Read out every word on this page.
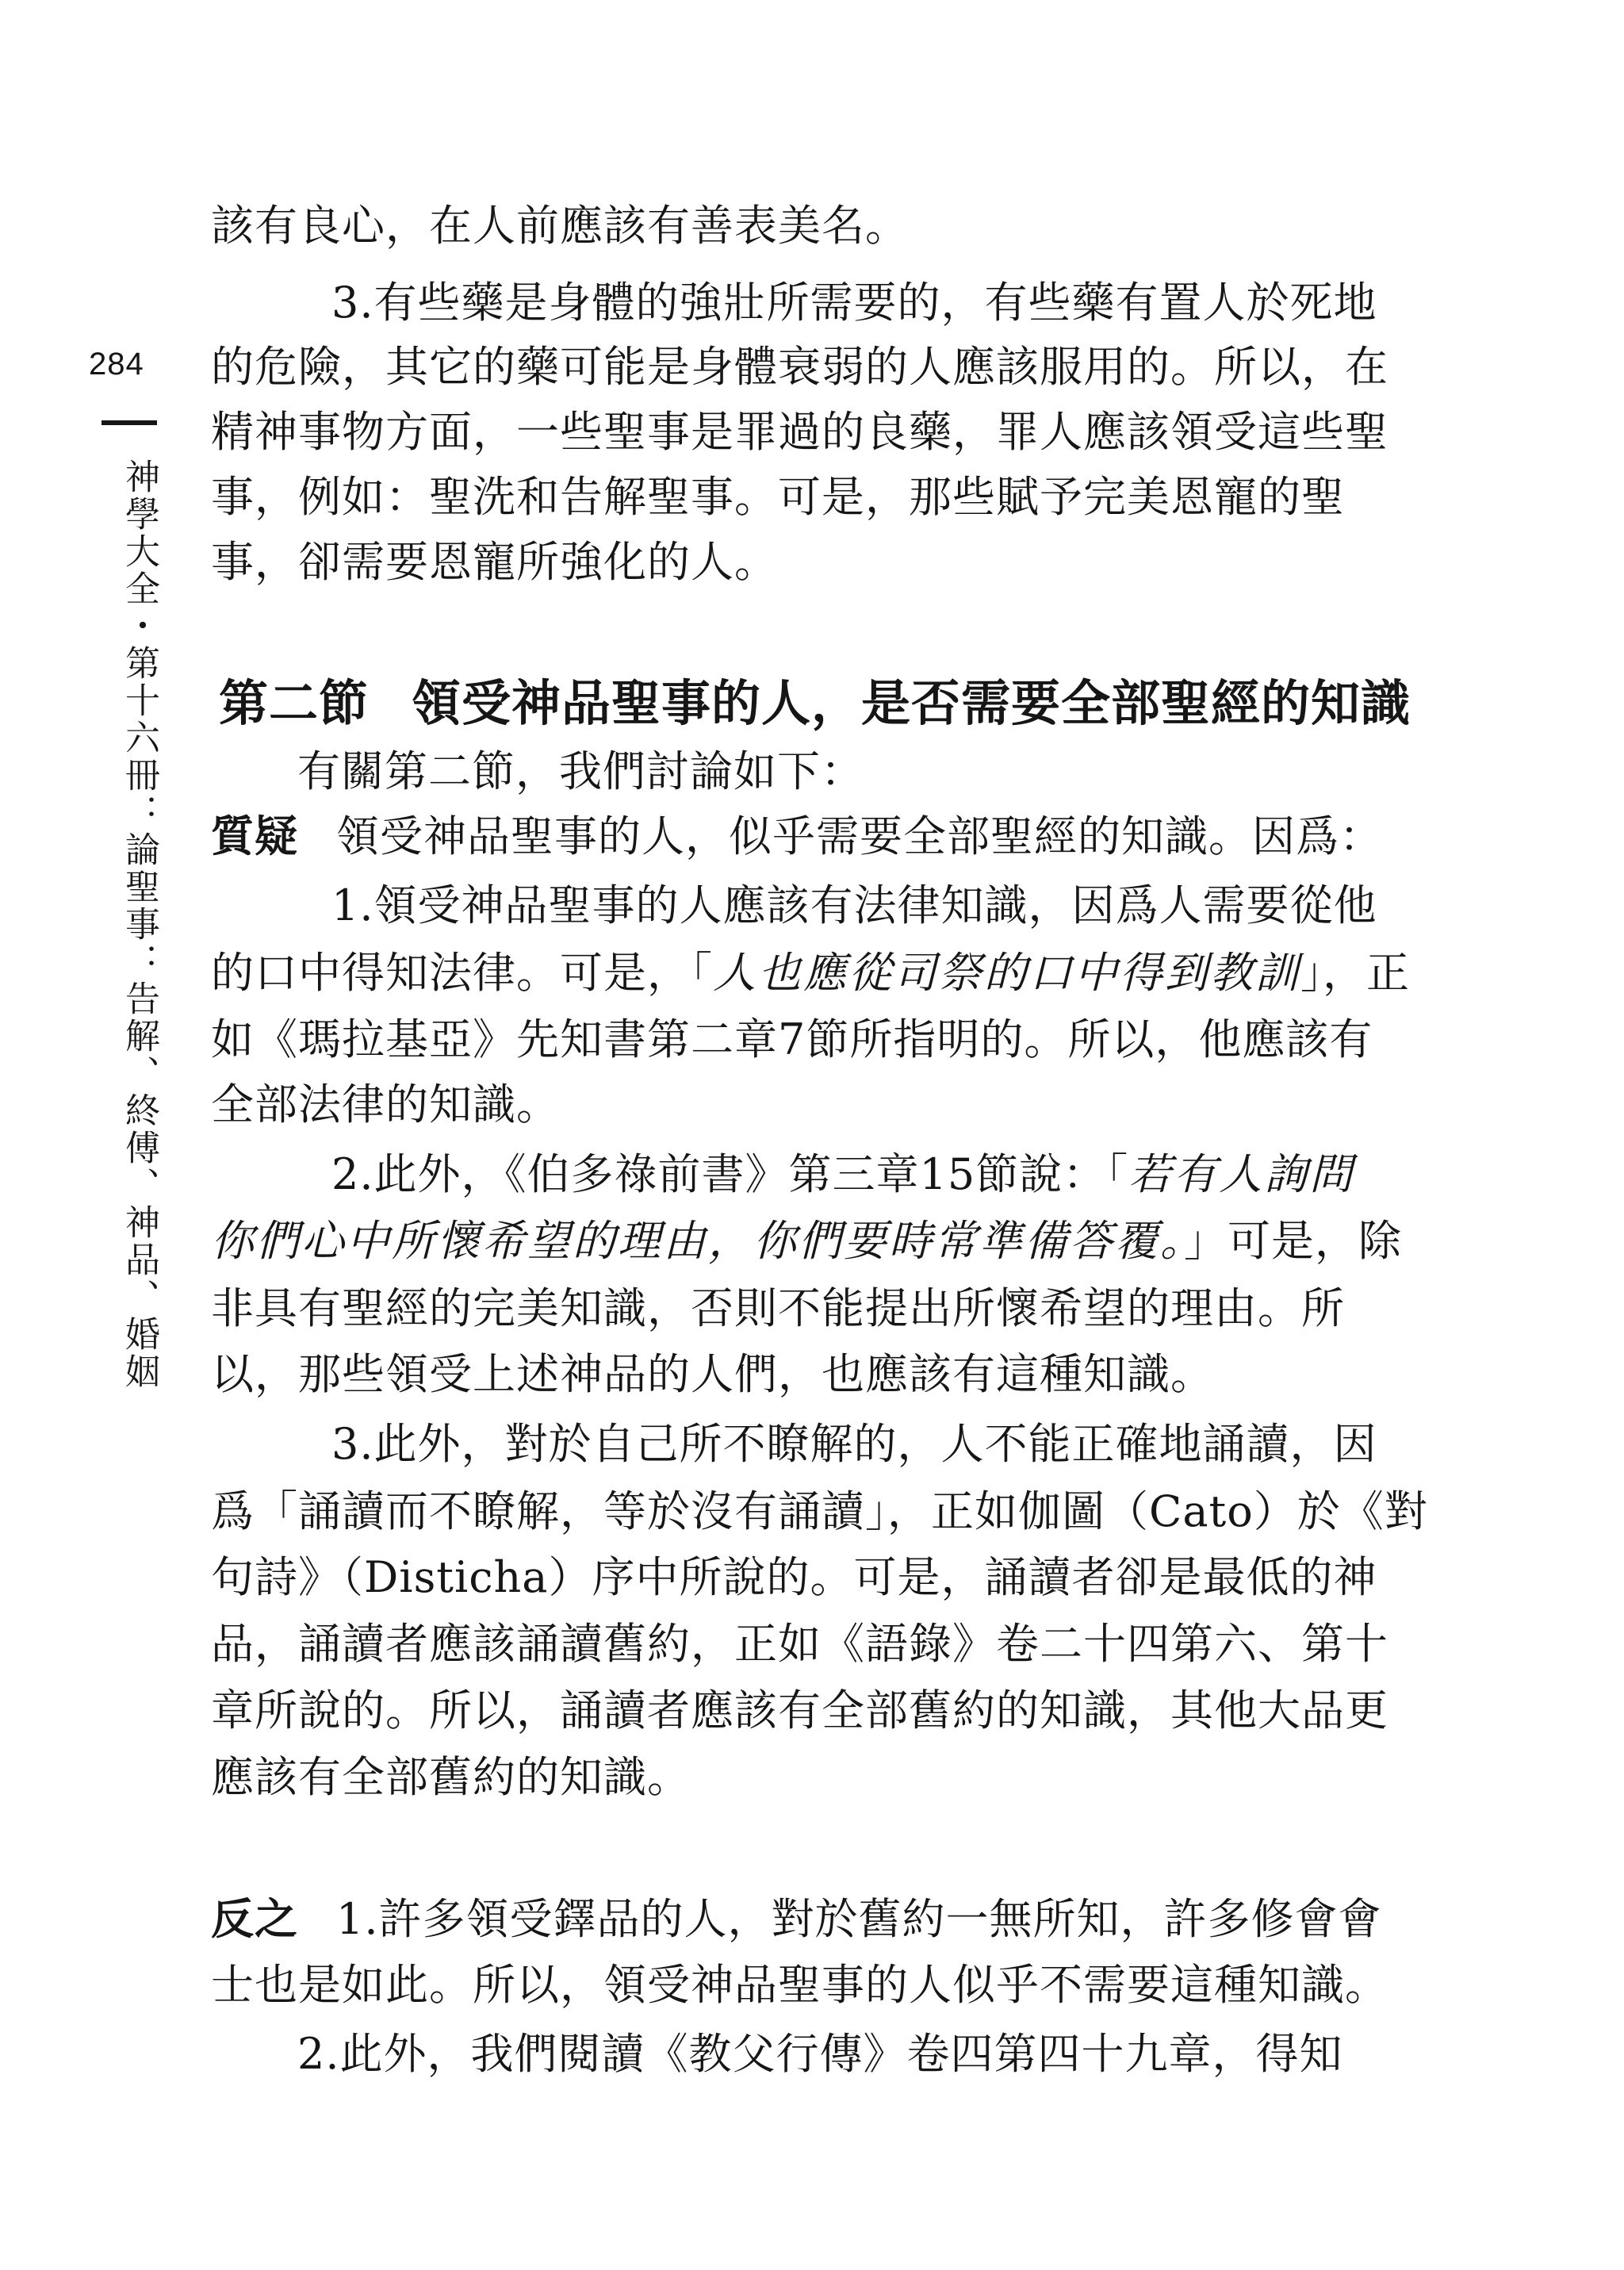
284
神學大全・第十六冊：論聖事：告解、終傅、神品、婚姻
該有良心，在人前應該有善表美名。
3.有些藥是身體的強壯所需要的，有些藥有置人於死地
的危險，其它的藥可能是身體衰弱的人應該服用的。所以，在
精神事物方面，一些聖事是罪過的良藥，罪人應該領受這些聖
事，例如：聖洗和告解聖事。可是，那些賦予完美恩寵的聖
事，卻需要恩寵所強化的人。
第二節 領受神品聖事的人，是否需要全部聖經的知識
有關第二節，我們討論如下：
質疑 領受神品聖事的人，似乎需要全部聖經的知識。因爲：
1.領受神品聖事的人應該有法律知識，因爲人需要從他
的口中得知法律。可是，「人也應從司祭的口中得到教訓」，正
如《瑪拉基亞》先知書第二章7節所指明的。所以，他應該有
全部法律的知識。
2.此外，《伯多祿前書》第三章15節說：「若有人詢問
你們心中所懷希望的理由，你們要時常準備答覆。」可是，除
非具有聖經的完美知識，否則不能提出所懷希望的理由。所
以，那些領受上述神品的人們，也應該有這種知識。
3.此外，對於自己所不瞭解的，人不能正確地誦讀，因
爲「誦讀而不瞭解，等於沒有誦讀」，正如伽圖（Cato）於《對
句詩》（Disticha）序中所說的。可是，誦讀者卻是最低的神
品，誦讀者應該誦讀舊約，正如《語錄》卷二十四第六、第十
章所說的。所以，誦讀者應該有全部舊約的知識，其他大品更
應該有全部舊約的知識。
反之 1.許多領受鐸品的人，對於舊約一無所知，許多修會會
士也是如此。所以，領受神品聖事的人似乎不需要這種知識。
2.此外，我們閱讀《教父行傳》卷四第四十九章，得知
